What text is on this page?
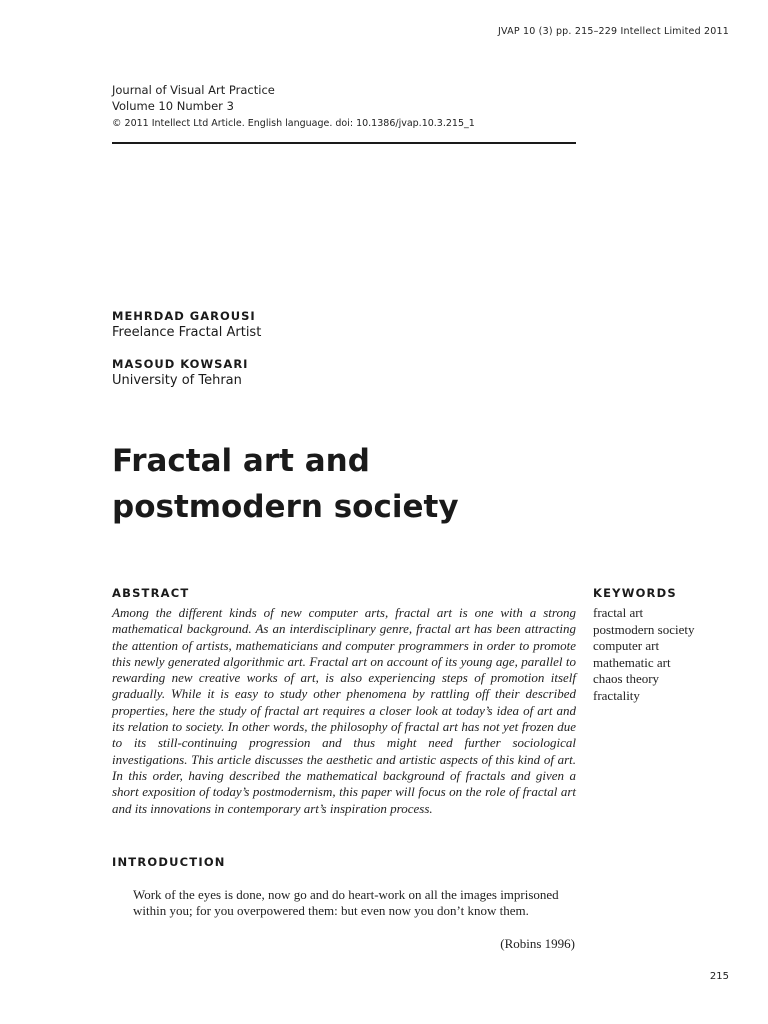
JVAP 10 (3) pp. 215–229 Intellect Limited 2011
Journal of Visual Art Practice
Volume 10 Number 3
© 2011 Intellect Ltd Article. English language. doi: 10.1386/jvap.10.3.215_1
MEHRDAD GAROUSI
Freelance Fractal Artist
MASOUD KOWSARI
University of Tehran
Fractal art and postmodern society
ABSTRACT
Among the different kinds of new computer arts, fractal art is one with a strong mathematical background. As an interdisciplinary genre, fractal art has been attracting the attention of artists, mathematicians and computer programmers in order to promote this newly generated algorithmic art. Fractal art on account of its young age, parallel to rewarding new creative works of art, is also experiencing steps of promotion itself gradually. While it is easy to study other phenomena by rattling off their described properties, here the study of fractal art requires a closer look at today’s idea of art and its relation to society. In other words, the philosophy of fractal art has not yet frozen due to its still-continuing progression and thus might need further sociological investigations. This article discusses the aesthetic and artistic aspects of this kind of art. In this order, having described the mathematical background of fractals and given a short exposition of today’s postmodernism, this paper will focus on the role of fractal art and its innovations in contemporary art’s inspiration process.
KEYWORDS
fractal art
postmodern society
computer art
mathematic art
chaos theory
fractality
INTRODUCTION
Work of the eyes is done, now go and do heart-work on all the images imprisoned within you; for you overpowered them: but even now you don’t know them.
(Robins 1996)
215
